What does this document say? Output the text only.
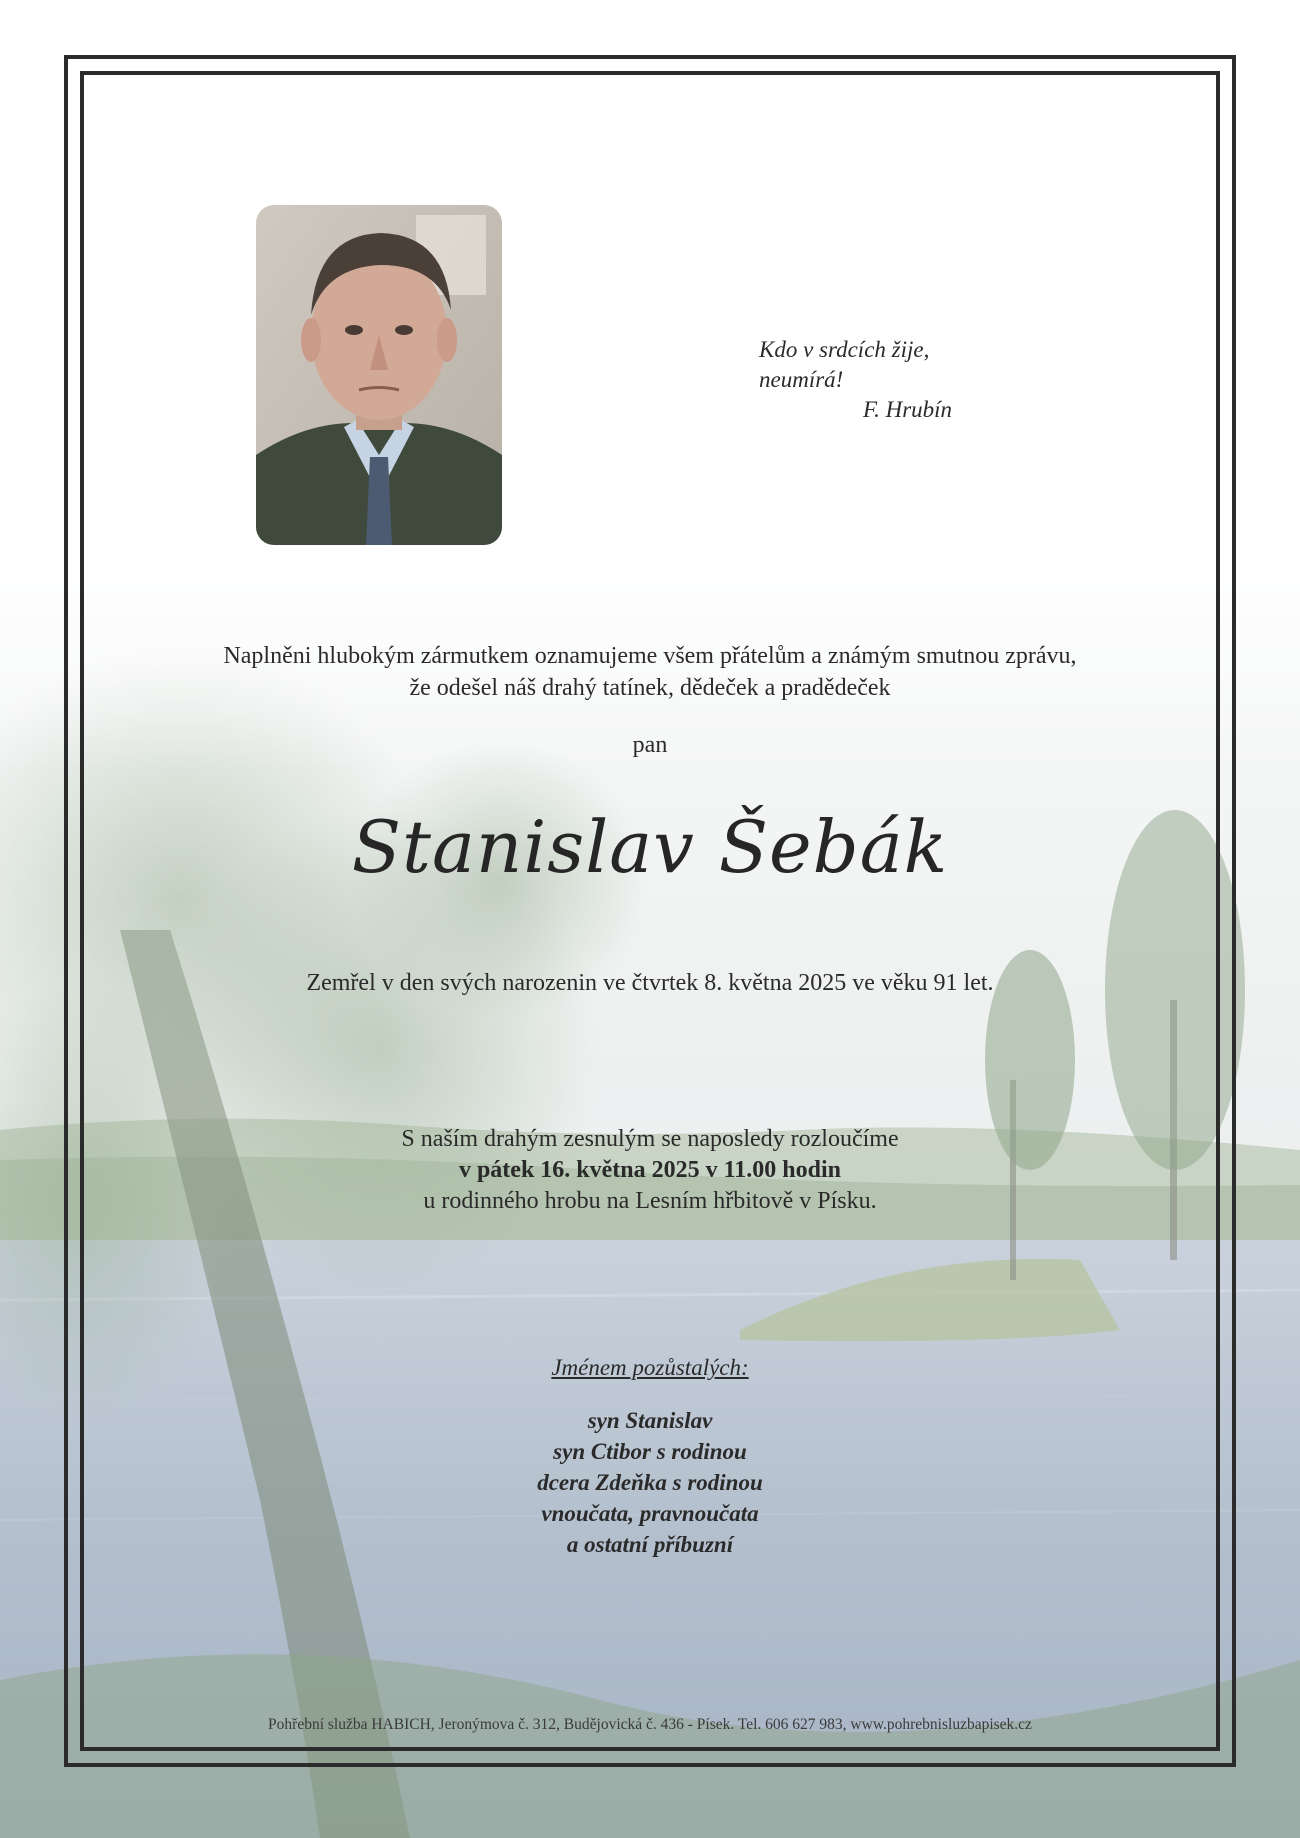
Kdo v srdcích žije,
neumírá!

F. Hrubín
Naplněni hlubokým zármutkem oznamujeme všem přátelům a známým smutnou zprávu,
že odešel náš drahý tatínek, dědeček a pradědeček
pan
Stanislav Šebák
Zemřel v den svých narozenin ve čtvrtek 8. května 2025 ve věku 91 let.
S naším drahým zesnulým se naposledy rozloučíme
v pátek 16. května 2025 v 11.00 hodin
u rodinného hrobu na Lesním hřbitově v Písku.
Jménem pozůstalých:
syn Stanislav
syn Ctibor s rodinou
dcera Zdeňka s rodinou
vnoučata, pravnoučata
a ostatní příbuzní
Pohřební služba HABICH, Jeronýmova č. 312, Budějovická č. 436 - Písek. Tel. 606 627 983, www.pohrebnisluzbapisek.cz
